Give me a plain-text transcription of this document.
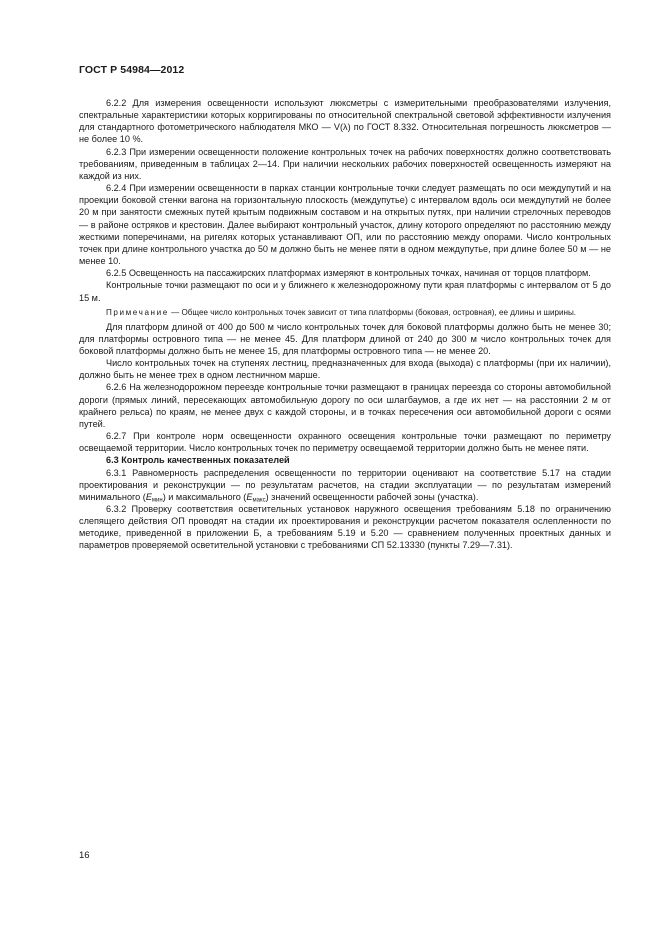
ГОСТ Р 54984—2012

6.2.2 Для измерения освещенности используют люксметры с измерительными преобразователями излучения, спектральные характеристики которых корригированы по относительной спектральной световой эффективности излучения для стандартного фотометрического наблюдателя МКО — V(λ) по ГОСТ 8.332. Относительная погрешность люксметров — не более 10 %.

6.2.3 При измерении освещенности положение контрольных точек на рабочих поверхностях должно соответствовать требованиям, приведенным в таблицах 2—14. При наличии нескольких рабочих поверхностей освещенность измеряют на каждой из них.

6.2.4 При измерении освещенности в парках станции контрольные точки следует размещать по оси междупутий и на проекции боковой стенки вагона на горизонтальную плоскость (междупутье) с интервалом вдоль оси междупутий не более 20 м при занятости смежных путей крытым подвижным составом и на открытых путях, при наличии стрелочных переводов — в районе остряков и крестовин. Далее выбирают контрольный участок, длину которого определяют по расстоянию между жесткими поперечинами, на ригелях которых устанавливают ОП, или по расстоянию между опорами. Число контрольных точек при длине контрольного участка до 50 м должно быть не менее пяти в одном междупутье, при длине более 50 м — не менее 10.

6.2.5 Освещенность на пассажирских платформах измеряют в контрольных точках, начиная от торцов платформ.

Контрольные точки размещают по оси и у ближнего к железнодорожному пути края платформы с интервалом от 5 до 15 м.

Примечание — Общее число контрольных точек зависит от типа платформы (боковая, островная), ее длины и ширины.

Для платформ длиной от 400 до 500 м число контрольных точек для боковой платформы должно быть не менее 30; для платформы островного типа — не менее 45. Для платформ длиной от 240 до 300 м число контрольных точек для боковой платформы должно быть не менее 15, для платформы островного типа — не менее 20.

Число контрольных точек на ступенях лестниц, предназначенных для входа (выхода) с платформы (при их наличии), должно быть не менее трех в одном лестничном марше.

6.2.6 На железнодорожном переезде контрольные точки размещают в границах переезда со стороны автомобильной дороги (прямых линий, пересекающих автомобильную дорогу по оси шлагбаумов, а где их нет — на расстоянии 2 м от крайнего рельса) по краям, не менее двух с каждой стороны, и в точках пересечения оси автомобильной дороги с осями путей.

6.2.7 При контроле норм освещенности охранного освещения контрольные точки размещают по периметру освещаемой территории. Число контрольных точек по периметру освещаемой территории должно быть не менее пяти.

6.3 Контроль качественных показателей

6.3.1 Равномерность распределения освещенности по территории оценивают на соответствие 5.17 на стадии проектирования и реконструкции — по результатам расчетов, на стадии эксплуатации — по результатам измерений минимального $(E_{мин})$ и максимального $(E_{макс})$ значений освещенности рабочей зоны (участка).

6.3.2 Проверку соответствия осветительных установок наружного освещения требованиям 5.18 по ограничению слепящего действия ОП проводят на стадии их проектирования и реконструкции расчетом показателя ослепленности по методике, приведенной в приложении Б, а требованиям 5.19 и 5.20 — сравнением полученных проектных данных и параметров проверяемой осветительной установки с требованиями СП 52.13330 (пункты 7.29—7.31).

16
